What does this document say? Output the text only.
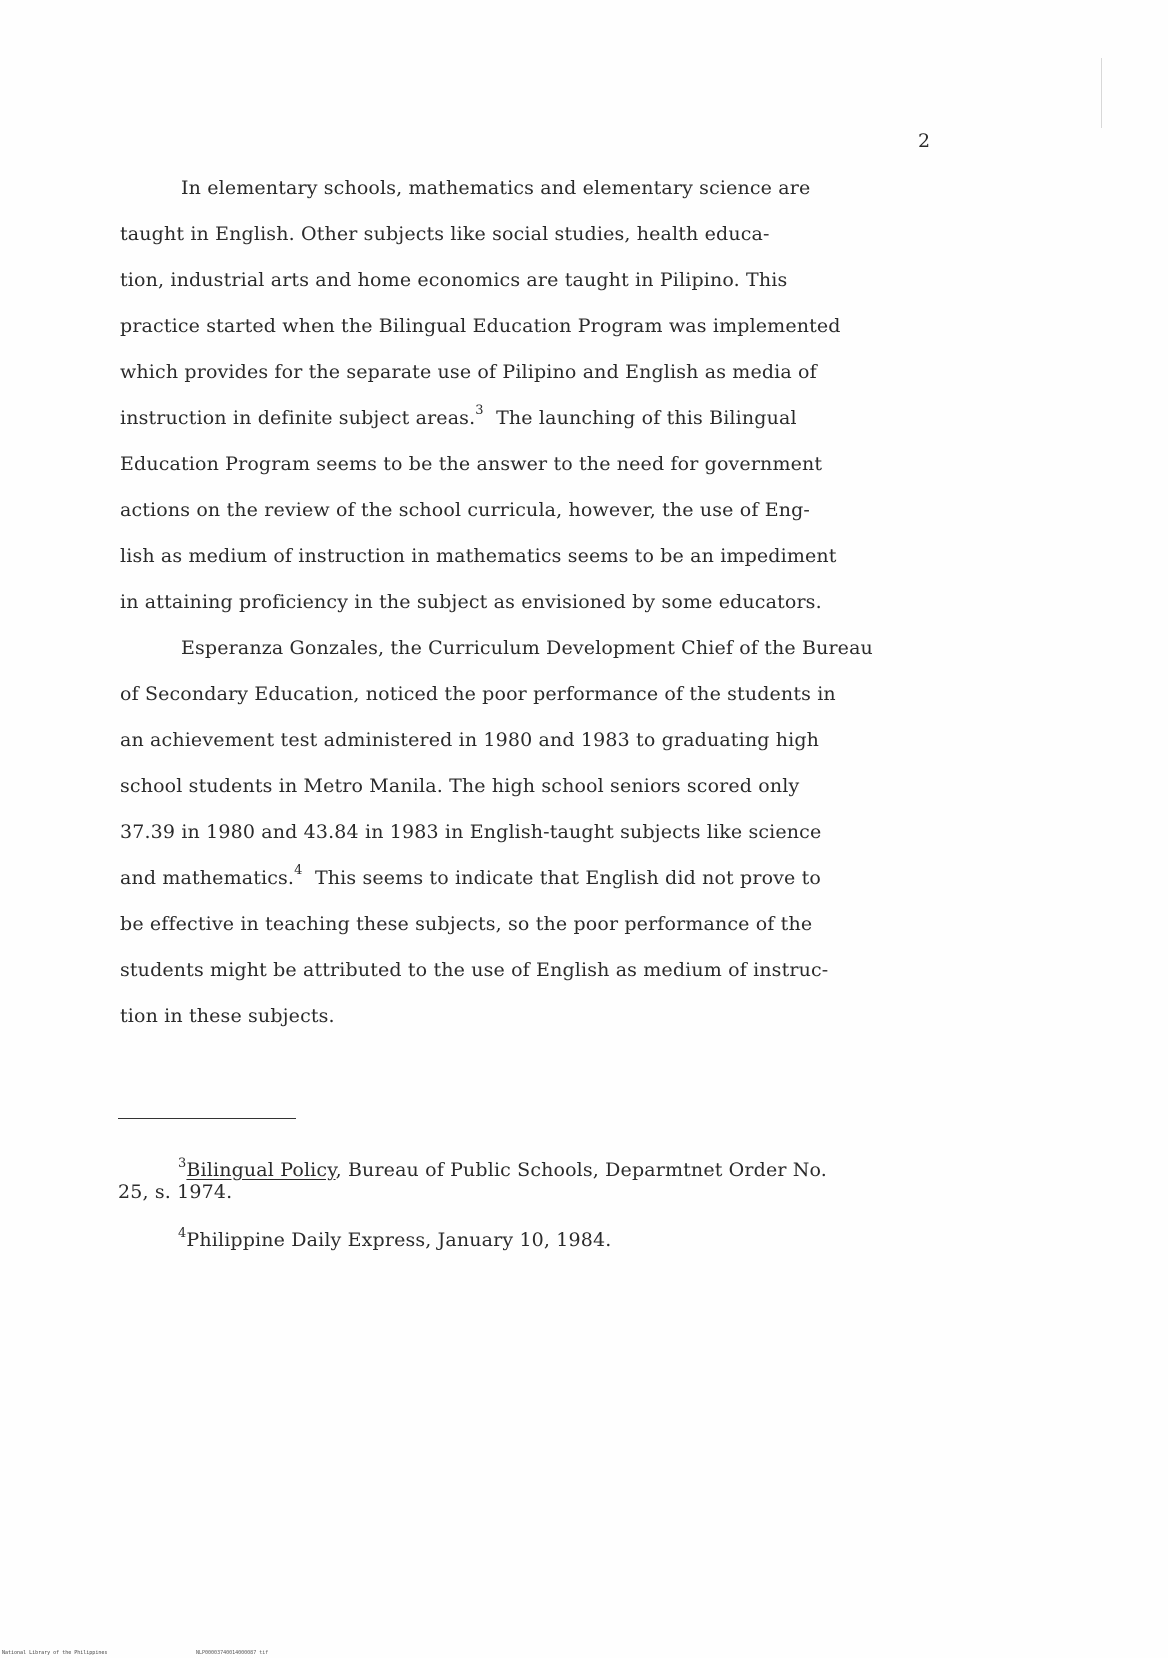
2
In elementary schools, mathematics and elementary science are
taught in English. Other subjects like social studies, health educa-
tion, industrial arts and home economics are taught in Pilipino. This
practice started when the Bilingual Education Program was implemented
which provides for the separate use of Pilipino and English as media of
instruction in definite subject areas.$^3$ The launching of this Bilingual
Education Program seems to be the answer to the need for government
actions on the review of the school curricula, however, the use of Eng-
lish as medium of instruction in mathematics seems to be an impediment
in attaining proficiency in the subject as envisioned by some educators.
Esperanza Gonzales, the Curriculum Development Chief of the Bureau
of Secondary Education, noticed the poor performance of the students in
an achievement test administered in 1980 and 1983 to graduating high
school students in Metro Manila. The high school seniors scored only
37.39 in 1980 and 43.84 in 1983 in English-taught subjects like science
and mathematics.$^4$ This seems to indicate that English did not prove to
be effective in teaching these subjects, so the poor performance of the
students might be attributed to the use of English as medium of instruc-
tion in these subjects.
$^3$Bilingual Policy, Bureau of Public Schools, Deparmtnet Order No.
25, s. 1974.
$^4$Philippine Daily Express, January 10, 1984.
National Library of the Philippines	NLP00003740014000087 tif
